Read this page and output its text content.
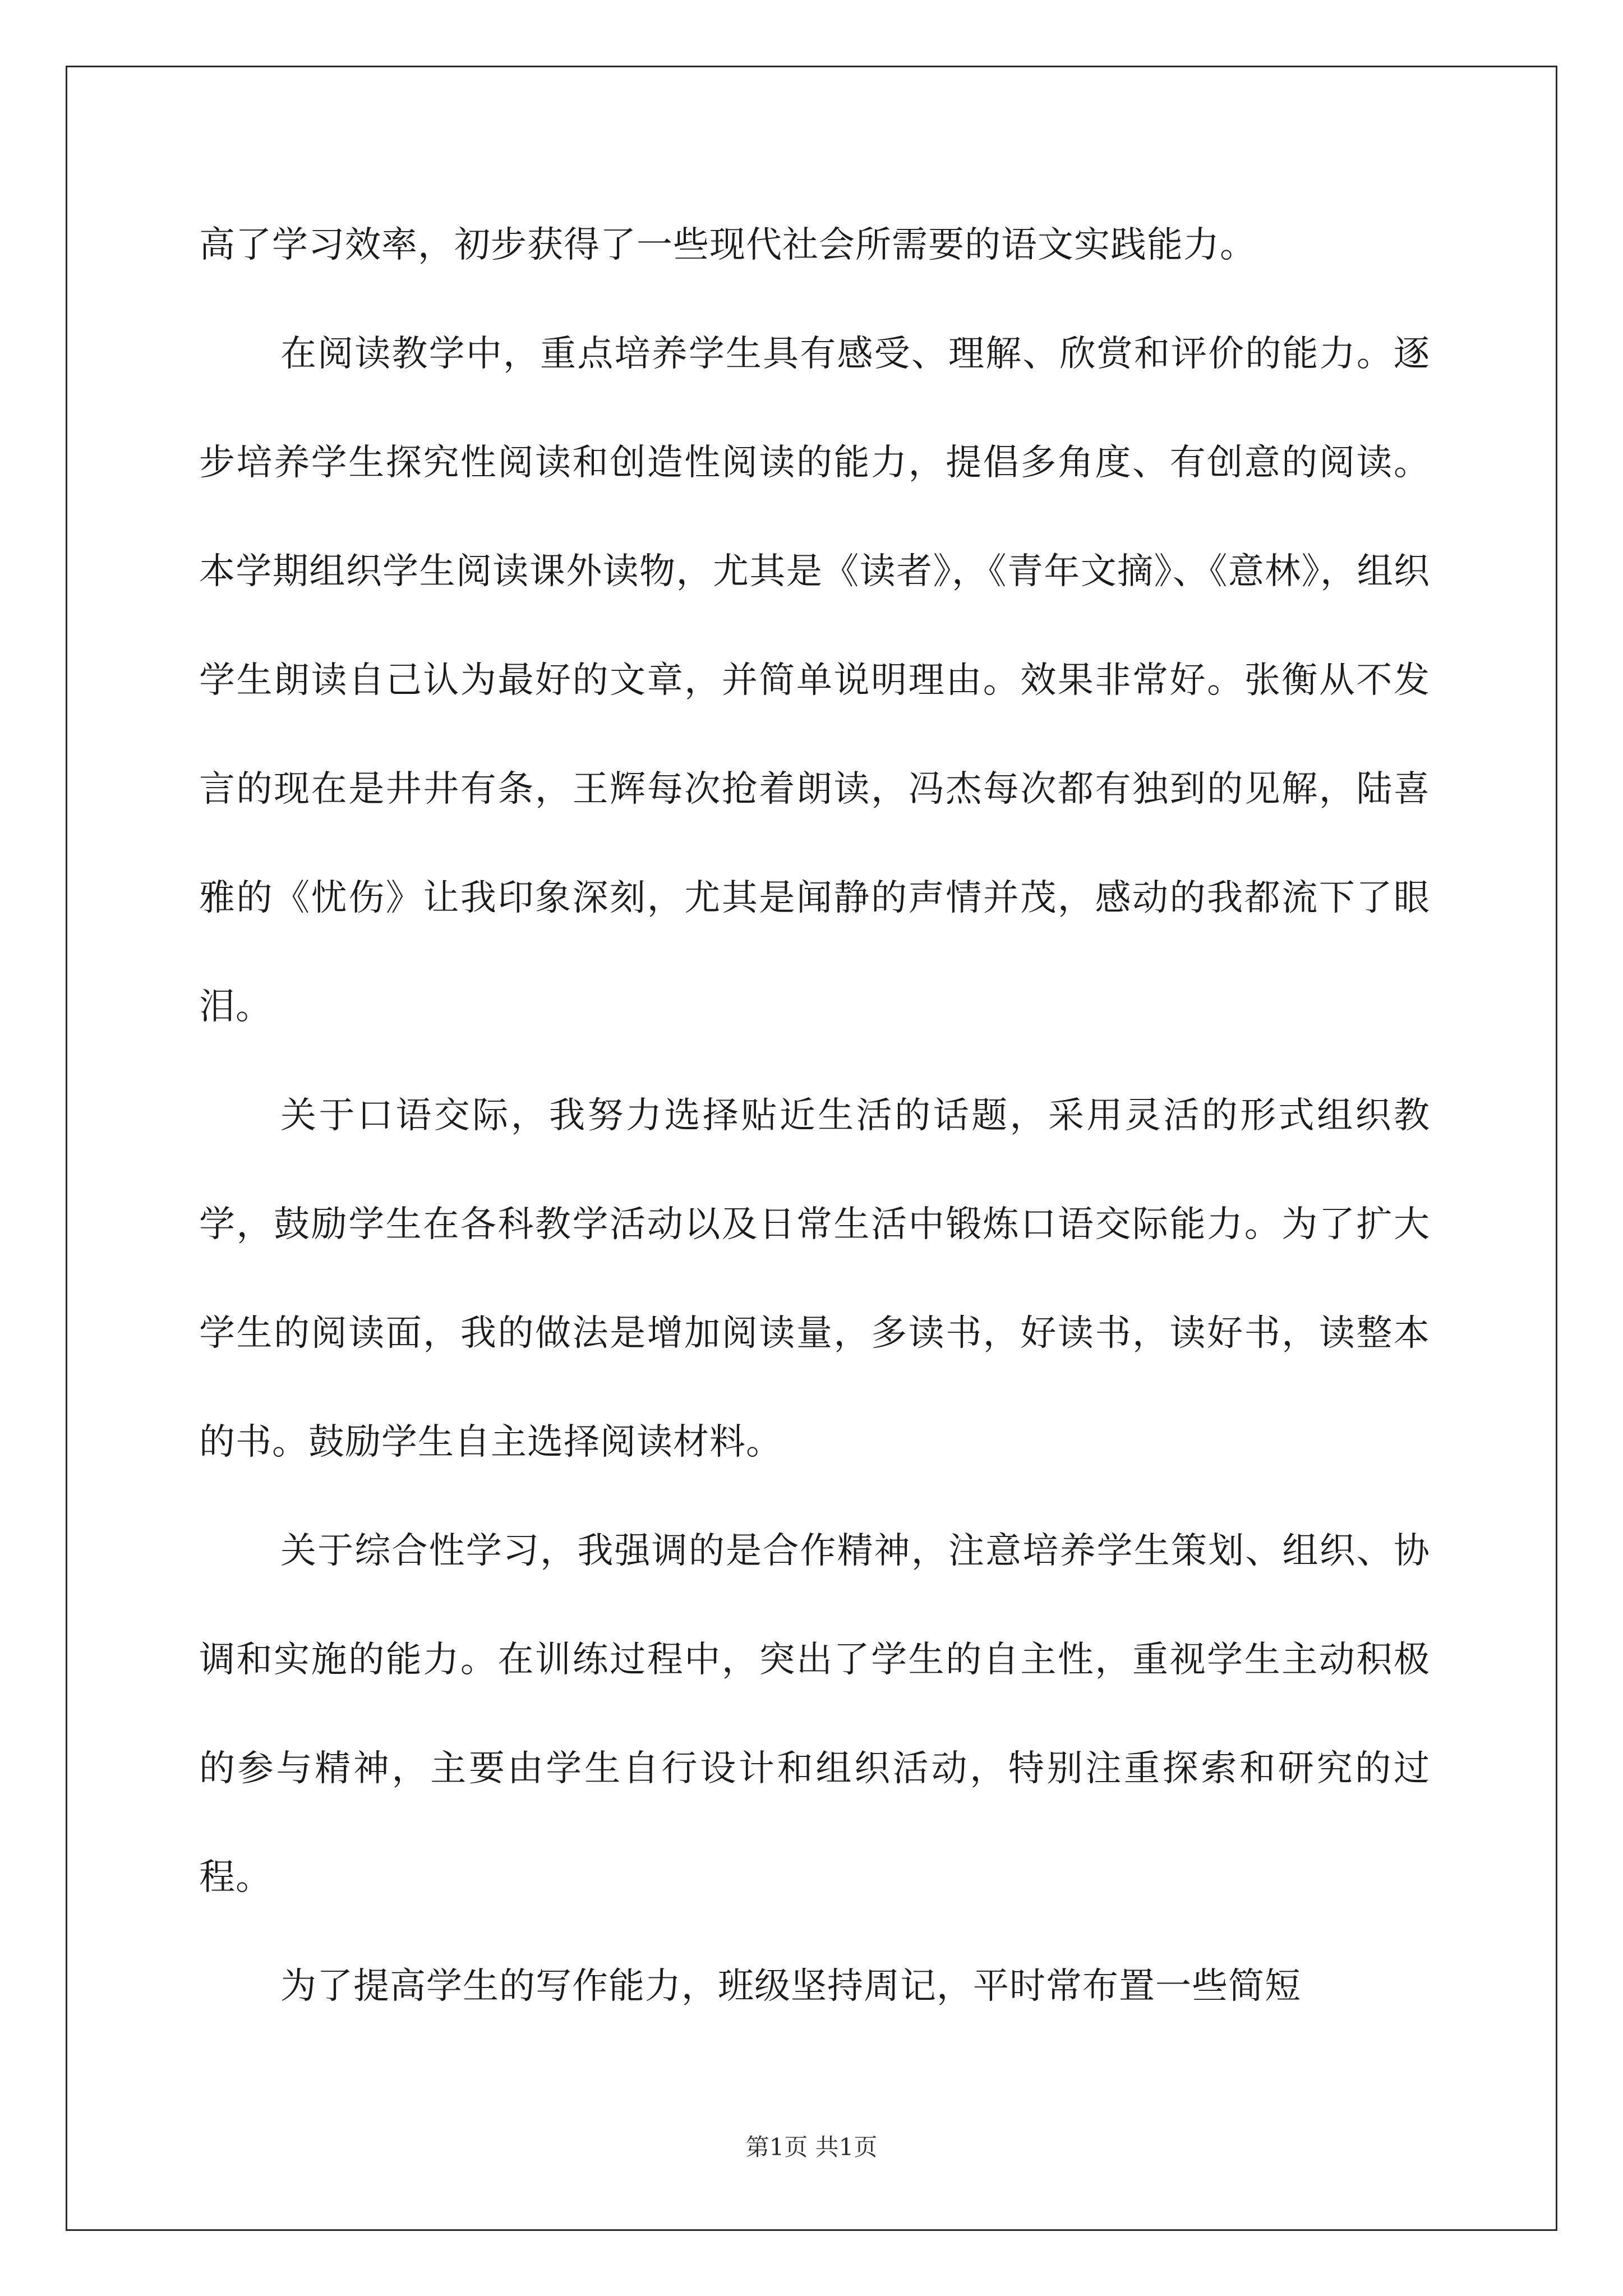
高了学习效率，初步获得了一些现代社会所需要的语文实践能力。

在阅读教学中，重点培养学生具有感受、理解、欣赏和评价的能力。逐步培养学生探究性阅读和创造性阅读的能力，提倡多角度、有创意的阅读。本学期组织学生阅读课外读物，尤其是《读者》，《青年文摘》、《意林》，组织学生朗读自己认为最好的文章，并简单说明理由。效果非常好。张衡从不发言的现在是井井有条，王辉每次抢着朗读，冯杰每次都有独到的见解，陆喜雅的《忧伤》让我印象深刻，尤其是闻静的声情并茂，感动的我都流下了眼泪。

关于口语交际，我努力选择贴近生活的话题，采用灵活的形式组织教学，鼓励学生在各科教学活动以及日常生活中锻炼口语交际能力。为了扩大学生的阅读面，我的做法是增加阅读量，多读书，好读书，读好书，读整本的书。鼓励学生自主选择阅读材料。

关于综合性学习，我强调的是合作精神，注意培养学生策划、组织、协调和实施的能力。在训练过程中，突出了学生的自主性，重视学生主动积极的参与精神，主要由学生自行设计和组织活动，特别注重探索和研究的过程。

为了提高学生的写作能力，班级坚持周记，平时常布置一些简短

第1页 共1页
